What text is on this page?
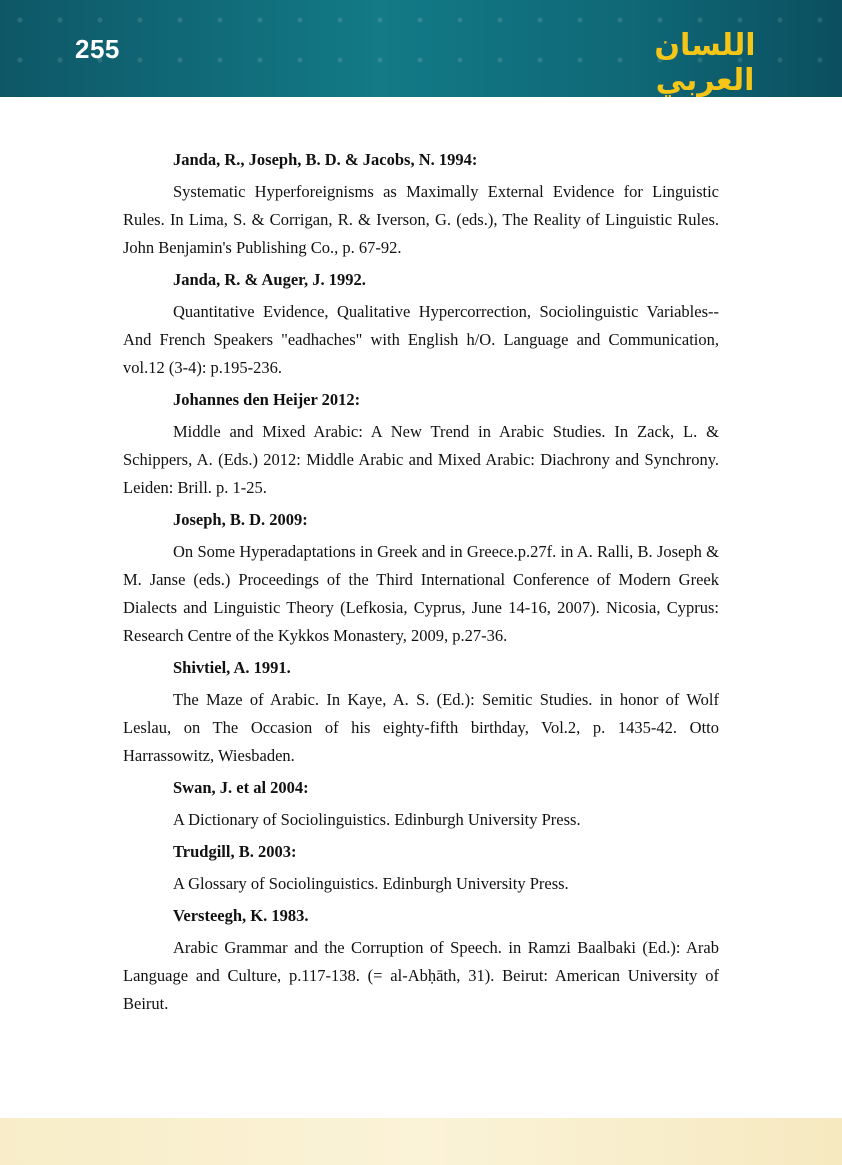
255	اللسان العربي
Janda, R., Joseph, B. D. & Jacobs, N. 1994:
Systematic Hyperforeignisms as Maximally External Evidence for Linguistic Rules. In Lima, S. & Corrigan, R. & Iverson, G. (eds.), The Reality of Linguistic Rules. John Benjamin's Publishing Co., p. 67-92.
Janda, R. & Auger, J. 1992.
Quantitative Evidence, Qualitative Hypercorrection, Sociolinguistic Variables--And French Speakers "eadhaches" with English h/O. Language and Communication, vol.12 (3-4): p.195-236.
Johannes den Heijer 2012:
Middle and Mixed Arabic: A New Trend in Arabic Studies. In Zack, L. & Schippers, A. (Eds.) 2012: Middle Arabic and Mixed Arabic: Diachrony and Synchrony. Leiden: Brill. p. 1-25.
Joseph, B. D. 2009:
On Some Hyperadaptations in Greek and in Greece.p.27f. in A. Ralli, B. Joseph & M. Janse (eds.) Proceedings of the Third International Conference of Modern Greek Dialects and Linguistic Theory (Lefkosia, Cyprus, June 14-16, 2007). Nicosia, Cyprus: Research Centre of the Kykkos Monastery, 2009, p.27-36.
Shivtiel, A. 1991.
The Maze of Arabic. In Kaye, A. S. (Ed.): Semitic Studies. in honor of Wolf Leslau, on The Occasion of his eighty-fifth birthday, Vol.2, p. 1435-42. Otto Harrassowitz, Wiesbaden.
Swan, J. et al 2004:
A Dictionary of Sociolinguistics. Edinburgh University Press.
Trudgill, B. 2003:
A Glossary of Sociolinguistics. Edinburgh University Press.
Versteegh, K. 1983.
Arabic Grammar and the Corruption of Speech. in Ramzi Baalbaki (Ed.): Arab Language and Culture, p.117-138. (= al-Abḥāth, 31). Beirut: American University of Beirut.
